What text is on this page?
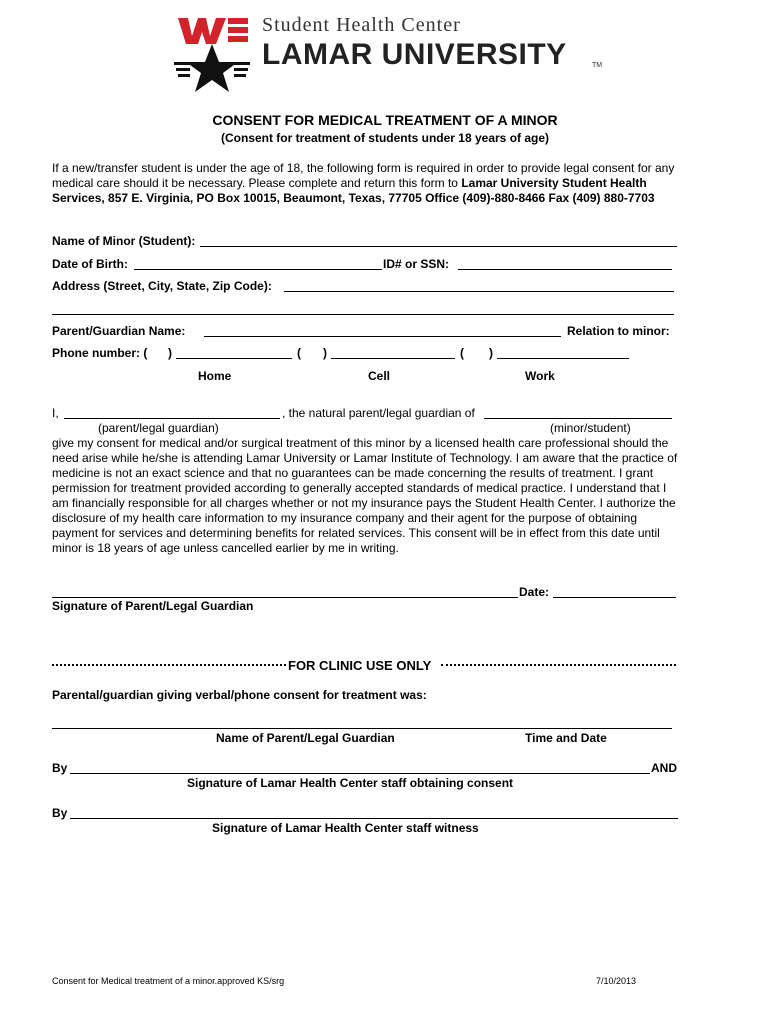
Student Health Center
LAMAR UNIVERSITY	TM
CONSENT FOR MEDICAL TREATMENT OF A MINOR
(Consent for treatment of students under 18 years of age)
If a new/transfer student is under the age of 18, the following form is required in order to provide legal consent for any medical care should it be necessary. Please complete and return this form to Lamar University Student Health Services, 857 E. Virginia, PO Box 10015, Beaumont, Texas, 77705 Office (409)-880-8466 Fax (409) 880-7703
Name of Minor (Student):
Date of Birth:	ID# or SSN:
Address (Street, City, State, Zip Code):
Parent/Guardian Name:	Relation to minor:
Phone number: ( )	( )	( )
Home	Cell	Work
I,	, the natural parent/legal guardian of
(parent/legal guardian)	(minor/student)
give my consent for medical and/or surgical treatment of this minor by a licensed health care professional should the need arise while he/she is attending Lamar University or Lamar Institute of Technology. I am aware that the practice of medicine is not an exact science and that no guarantees can be made concerning the results of treatment. I grant permission for treatment provided according to generally accepted standards of medical practice. I understand that I am financially responsible for all charges whether or not my insurance pays the Student Health Center. I authorize the disclosure of my health care information to my insurance company and their agent for the purpose of obtaining payment for services and determining benefits for related services. This consent will be in effect from this date until minor is 18 years of age unless cancelled earlier by me in writing.
Date:
Signature of Parent/Legal Guardian
FOR CLINIC USE ONLY
Parental/guardian giving verbal/phone consent for treatment was:
Name of Parent/Legal Guardian	Time and Date
By	AND
Signature of Lamar Health Center staff obtaining consent
By
Signature of Lamar Health Center staff witness
Consent for Medical treatment of a minor.approved KS/srg	7/10/2013
